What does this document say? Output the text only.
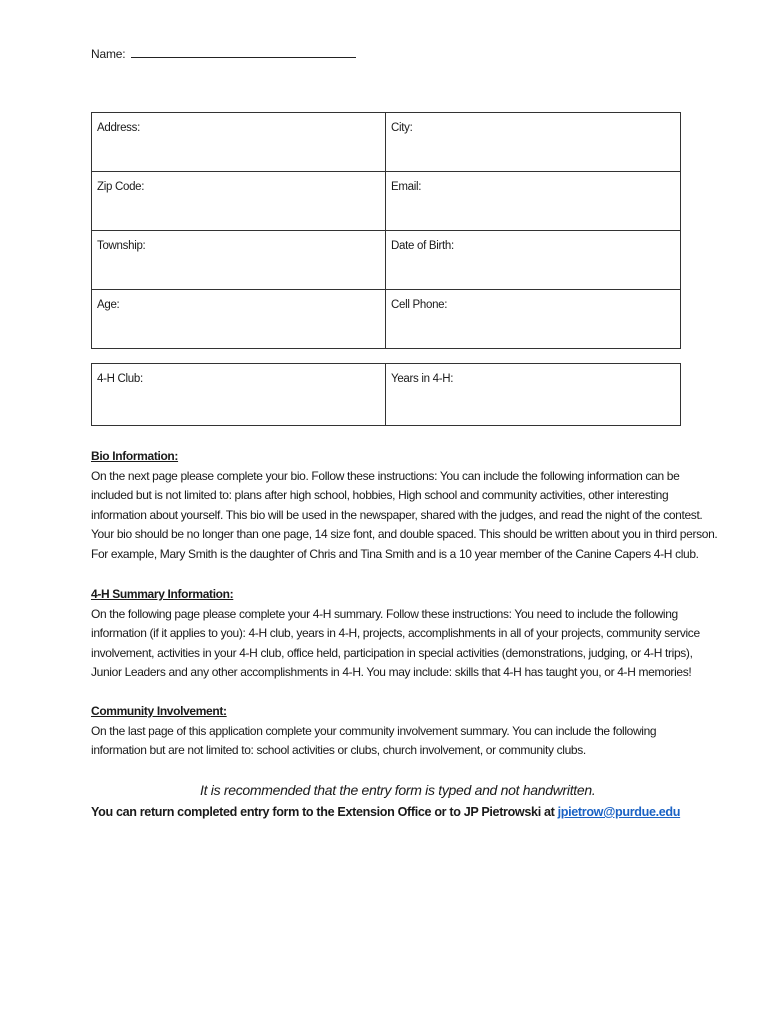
Name:
Address:	City:
Zip Code:	Email:
Township:	Date of Birth:
Age:	Cell Phone:
4-H Club:	Years in 4-H:
Bio Information:
On the next page please complete your bio. Follow these instructions: You can include the following information can be
included but is not limited to: plans after high school, hobbies, High school and community activities, other interesting
information about yourself. This bio will be used in the newspaper, shared with the judges, and read the night of the contest.
Your bio should be no longer than one page, 14 size font, and double spaced. This should be written about you in third person.
For example, Mary Smith is the daughter of Chris and Tina Smith and is a 10 year member of the Canine Capers 4-H club.
4-H Summary Information:
On the following page please complete your 4-H summary. Follow these instructions: You need to include the following
information (if it applies to you): 4-H club, years in 4-H, projects, accomplishments in all of your projects, community service
involvement, activities in your 4-H club, office held, participation in special activities (demonstrations, judging, or 4-H trips),
Junior Leaders and any other accomplishments in 4-H. You may include: skills that 4-H has taught you, or 4-H memories!
Community Involvement:
On the last page of this application complete your community involvement summary. You can include the following
information but are not limited to: school activities or clubs, church involvement, or community clubs.
It is recommended that the entry form is typed and not handwritten.
You can return completed entry form to the Extension Office or to JP Pietrowski at jpietrow@purdue.edu
